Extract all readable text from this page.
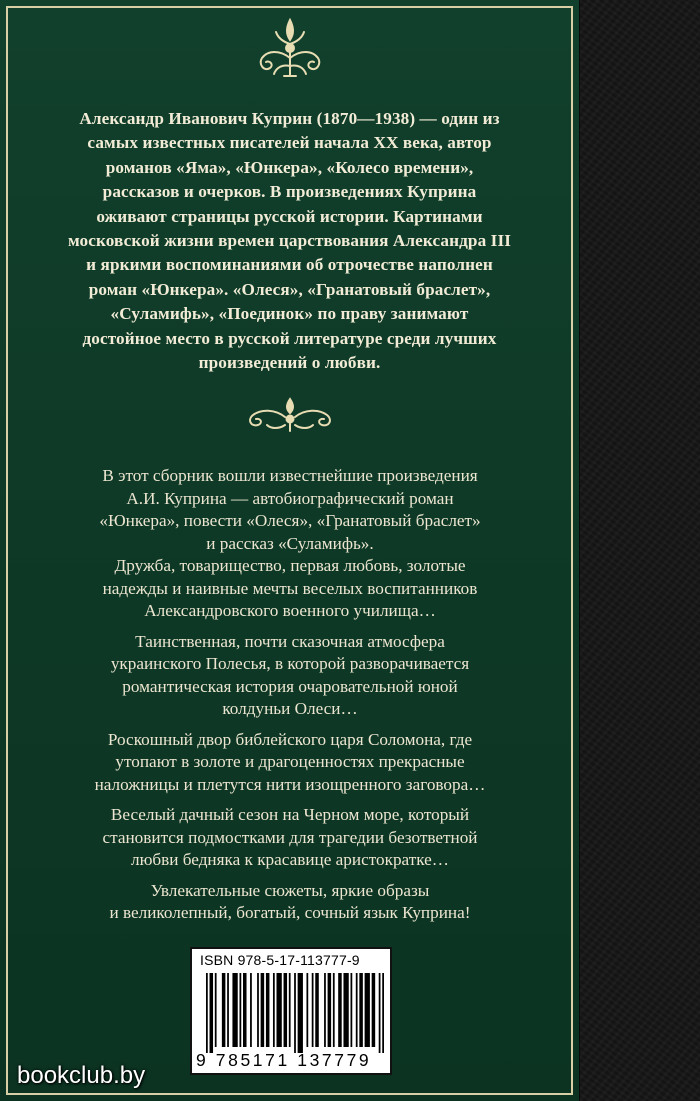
Александр Иванович Куприн (1870—1938) — один из
самых известных писателей начала XX века, автор
романов «Яма», «Юнкера», «Колесо времени»,
рассказов и очерков. В произведениях Куприна
оживают страницы русской истории. Картинами
московской жизни времен царствования Александра III
и яркими воспоминаниями об отрочестве наполнен
роман «Юнкера». «Олеся», «Гранатовый браслет»,
«Суламифь», «Поединок» по праву занимают
достойное место в русской литературе среди лучших
произведений о любви.

В этот сборник вошли известнейшие произведения
А.И. Куприна — автобиографический роман
«Юнкера», повести «Олеся», «Гранатовый браслет»
и рассказ «Суламифь».

Дружба, товарищество, первая любовь, золотые
надежды и наивные мечты веселых воспитанников
Александровского военного училища…

Таинственная, почти сказочная атмосфера
украинского Полесья, в которой разворачивается
романтическая история очаровательной юной
колдуньи Олеси…

Роскошный двор библейского царя Соломона, где
утопают в золоте и драгоценностях прекрасные
наложницы и плетутся нити изощренного заговора…

Веселый дачный сезон на Черном море, который
становится подмостками для трагедии безответной
любви бедняка к красавице аристократке…

Увлекательные сюжеты, яркие образы
и великолепный, богатый, сочный язык Куприна!

ISBN 978-5-17-113777-9
9 785171 137779
bookclub.by
